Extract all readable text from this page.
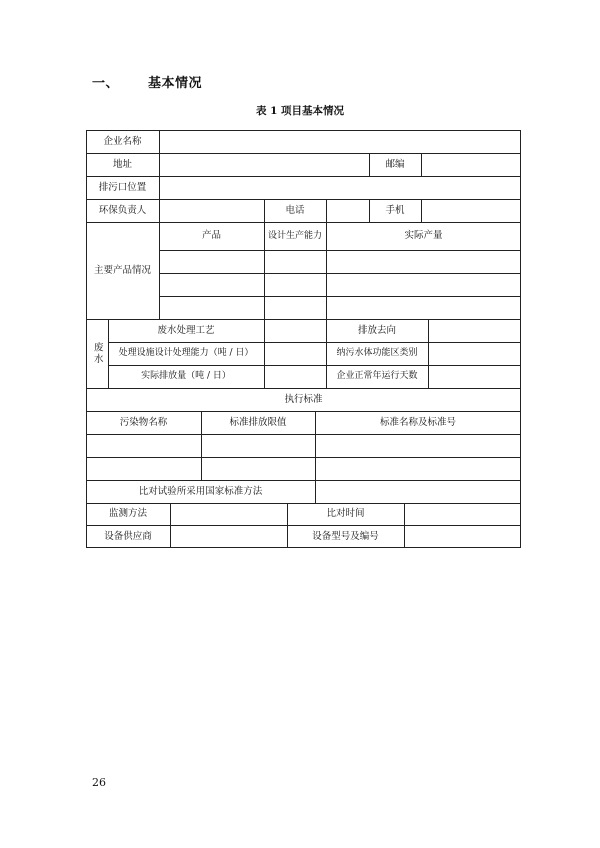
一、 基本情况
表 1 项目基本情况
企业名称
地址	邮编
排污口位置
环保负责人	电话	手机
主要产品情况
产品	设计生产能力	实际产量
废水
废水处理工艺	排放去向
处理设施设计处理能力（吨 / 日）	纳污水体功能区类别
实际排放量（吨 / 日）	企业正常年运行天数
执行标准
污染物名称	标准排放限值	标准名称及标准号
比对试验所采用国家标准方法
监测方法	比对时间
设备供应商	设备型号及编号
26
